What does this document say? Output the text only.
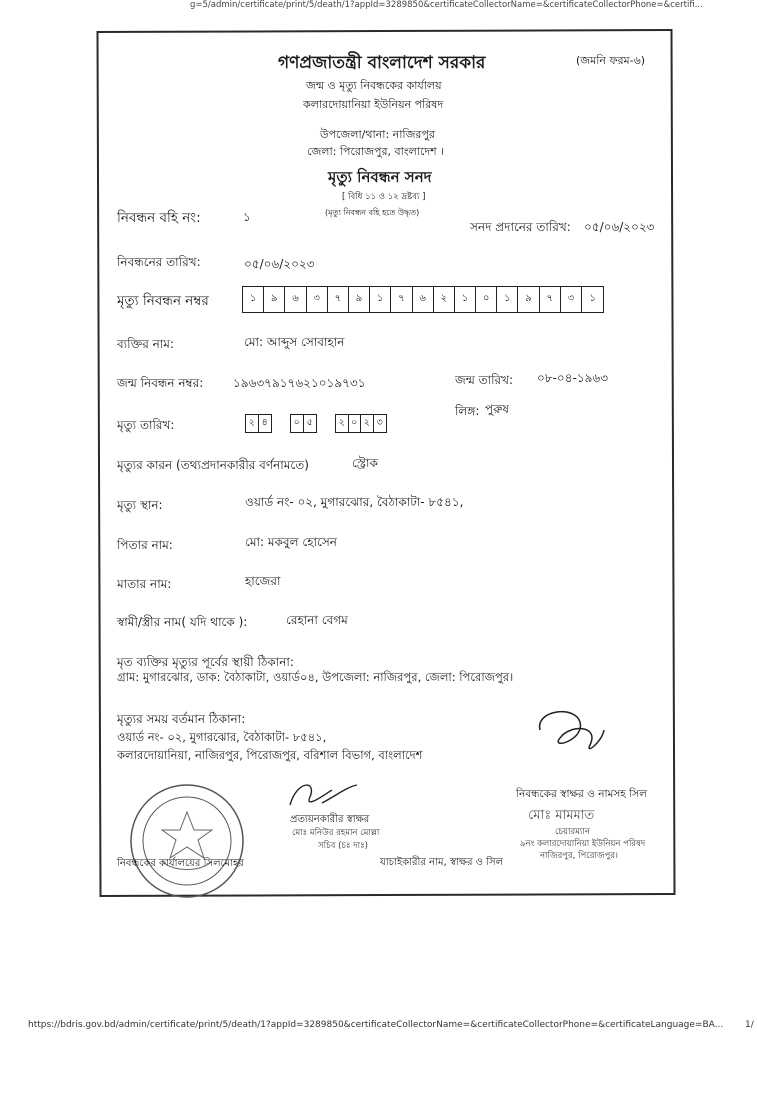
g=5/admin/certificate/print/5/death/1?appId=3289850&certificateCollectorName=&certificateCollectorPhone=&certifi...
গণপ্রজাতন্ত্রী বাংলাদেশ সরকার	(জমনি ফরম-৬)
জন্ম ও মৃত্যু নিবন্ধকের কার্যালয়
কলারদোয়ানিয়া ইউনিয়ন পরিষদ
উপজেলা/থানা: নাজিরপুর
জেলা: পিরোজপুর, বাংলাদেশ ।
মৃত্যু নিবন্ধন সনদ
[ বিধি ১১ ও ১২ দ্রষ্টব্য ]
(মৃত্যু নিবন্ধন বহি হতে উদ্ধৃত)
নিবন্ধন বহি নং:	১
সনদ প্রদানের তারিখ: ০৫/০৬/২০২৩
নিবন্ধনের তারিখ:	০৫/০৬/২০২৩
মৃত্যু নিবন্ধন নম্বর	১	৯	৬	৩	৭	৯	১	৭	৬	২	১	০	১	৯	৭	৩	১
ব্যক্তির নাম:	মো: আব্দুস সোবাহান
জন্ম নিবন্ধন নম্বর: ১৯৬৩৭৯১৭৬২১০১৯৭৩১	জন্ম তারিখ: ০৮-০৪-১৯৬৩
লিঙ্গ: পুরুষ
মৃত্যু তারিখ:	২ ৪	০ ৫	২ ০ ২ ৩
মৃত্যুর কারন (তথ্যপ্রদানকারীর বর্ণনামতে)	স্ট্রোক
মৃত্যু স্থান:	ওয়ার্ড নং- ০২, মুগারঝোর, বৈঠাকাটা- ৮৫৪১,
পিতার নাম:	মো: মকবুল হোসেন
মাতার নাম:	হাজেরা
স্বামী/স্ত্রীর নাম( যদি থাকে ):	রেহানা বেগম
মৃত ব্যক্তির মৃত্যুর পূর্বের স্থায়ী ঠিকানা:
গ্রাম: মুগারঝোর, ডাক: বৈঠাকাটা, ওয়ার্ড০৪, উপজেলা: নাজিরপুর, জেলা: পিরোজপুর।
মৃত্যুর সময় বর্তমান ঠিকানা:
ওয়ার্ড নং- ০২, মুগারঝোর, বৈঠাকাটা- ৮৫৪১,
কলারদোয়ানিয়া, নাজিরপুর, পিরোজপুর, বরিশাল বিভাগ, বাংলাদেশ
নিবন্ধকের স্বাক্ষর ও নামসহ সিল
মোঃ মামমাত
চেয়ারম্যান
৯নং কলারদোয়ানিয়া ইউনিয়ন পরিষদ
নাজিরপুর, পিরোজপুর।
প্রত্যয়নকারীর স্বাক্ষর
মোঃ মনিউর রহমান মোল্লা
সচিব (চঃ দাঃ)
নিবন্ধকের কার্যালয়ের সিলমোহর	যাচাইকারীর নাম, স্বাক্ষর ও সিল
https://bdris.gov.bd/admin/certificate/print/5/death/1?appId=3289850&certificateCollectorName=&certificateCollectorPhone=&certificateLanguage=BA... 1/
